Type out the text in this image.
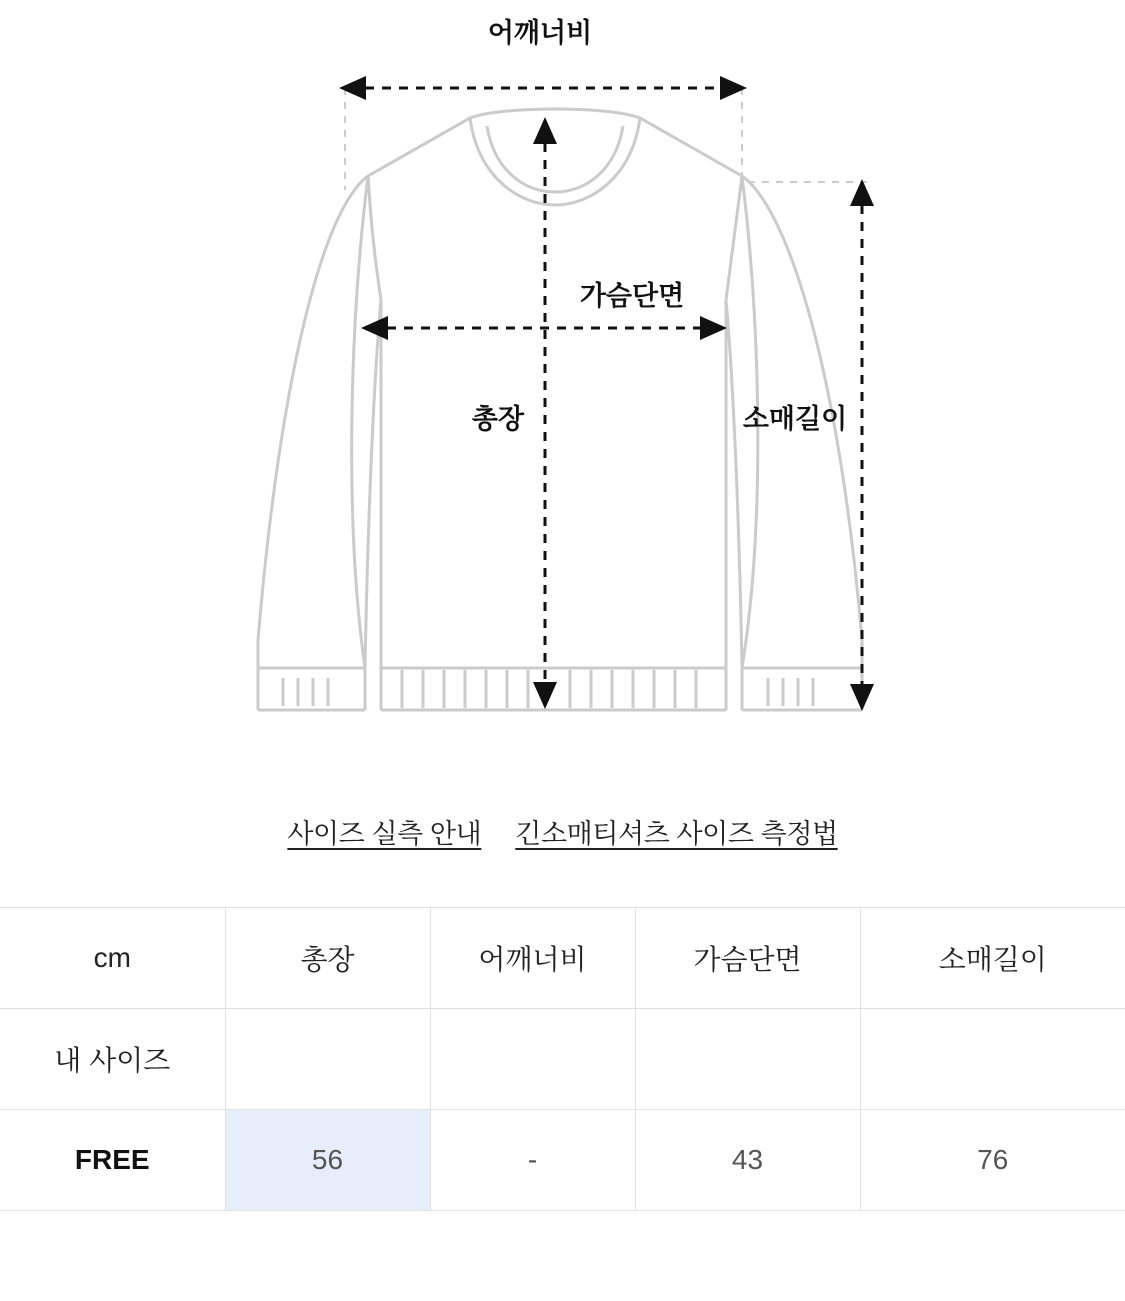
어깨너비
가슴단면
총장	소매길이
사이즈 실측 안내 긴소매티셔츠 사이즈 측정법
cm	총장	어깨너비	가슴단면	소매길이
내 사이즈				
FREE	56	-	43	76
